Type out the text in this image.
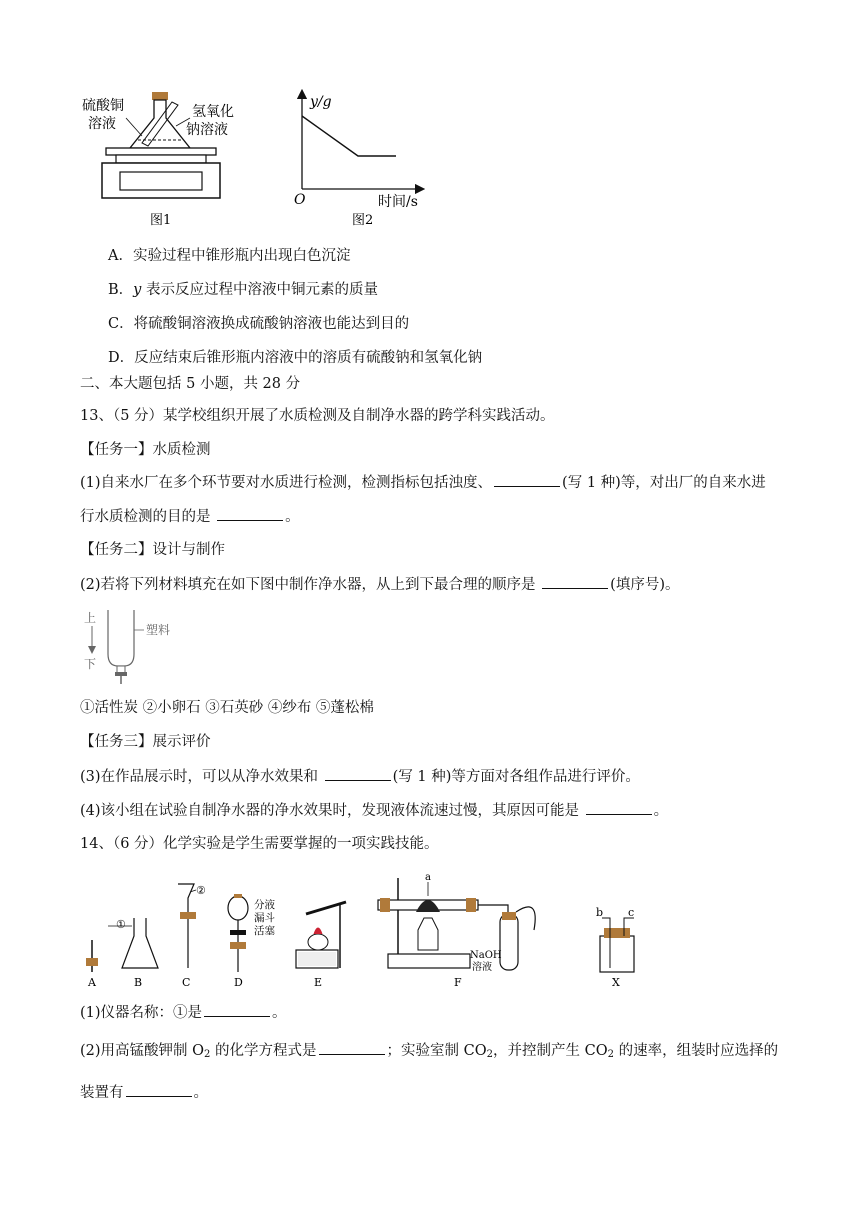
硫酸铜
溶液
氢氧化
钠溶液
图1
y/g
O	时间/s
图2
A．实验过程中锥形瓶内出现白色沉淀
B．y 表示反应过程中溶液中铜元素的质量
C．将硫酸铜溶液换成硫酸钠溶液也能达到目的
D．反应结束后锥形瓶内溶液中的溶质有硫酸钠和氢氧化钠
二、本大题包括 5 小题，共 28 分
13、（5 分）某学校组织开展了水质检测及自制净水器的跨学科实践活动。
【任务一】水质检测
(1)自来水厂在多个环节要对水质进行检测，检测指标包括浊度、	(写 1 种)等，对出厂的自来水进
行水质检测的目的是	。
【任务二】设计与制作
(2)若将下列材料填充在如下图中制作净水器，从上到下最合理的顺序是	(填序号)。
上
下
塑料
①活性炭 ②小卵石 ③石英砂 ④纱布 ⑤蓬松棉
【任务三】展示评价
(3)在作品展示时，可以从净水效果和	(写 1 种)等方面对各组作品进行评价。
(4)该小组在试验自制净水器的净水效果时，发现液体流速过慢，其原因可能是	。
14、（6 分）化学实验是学生需要掌握的一项实践技能。
A
①
B
②
C
分液
漏斗
活塞
D	E
a
NaOH
溶液
F
b c
X
(1)仪器名称：①是	。
(2)用高锰酸钾制 $O_2$ 的化学方程式是	；实验室制 $CO_2$，并控制产生 $CO_2$ 的速率，组装时应选择的
装置有	。
